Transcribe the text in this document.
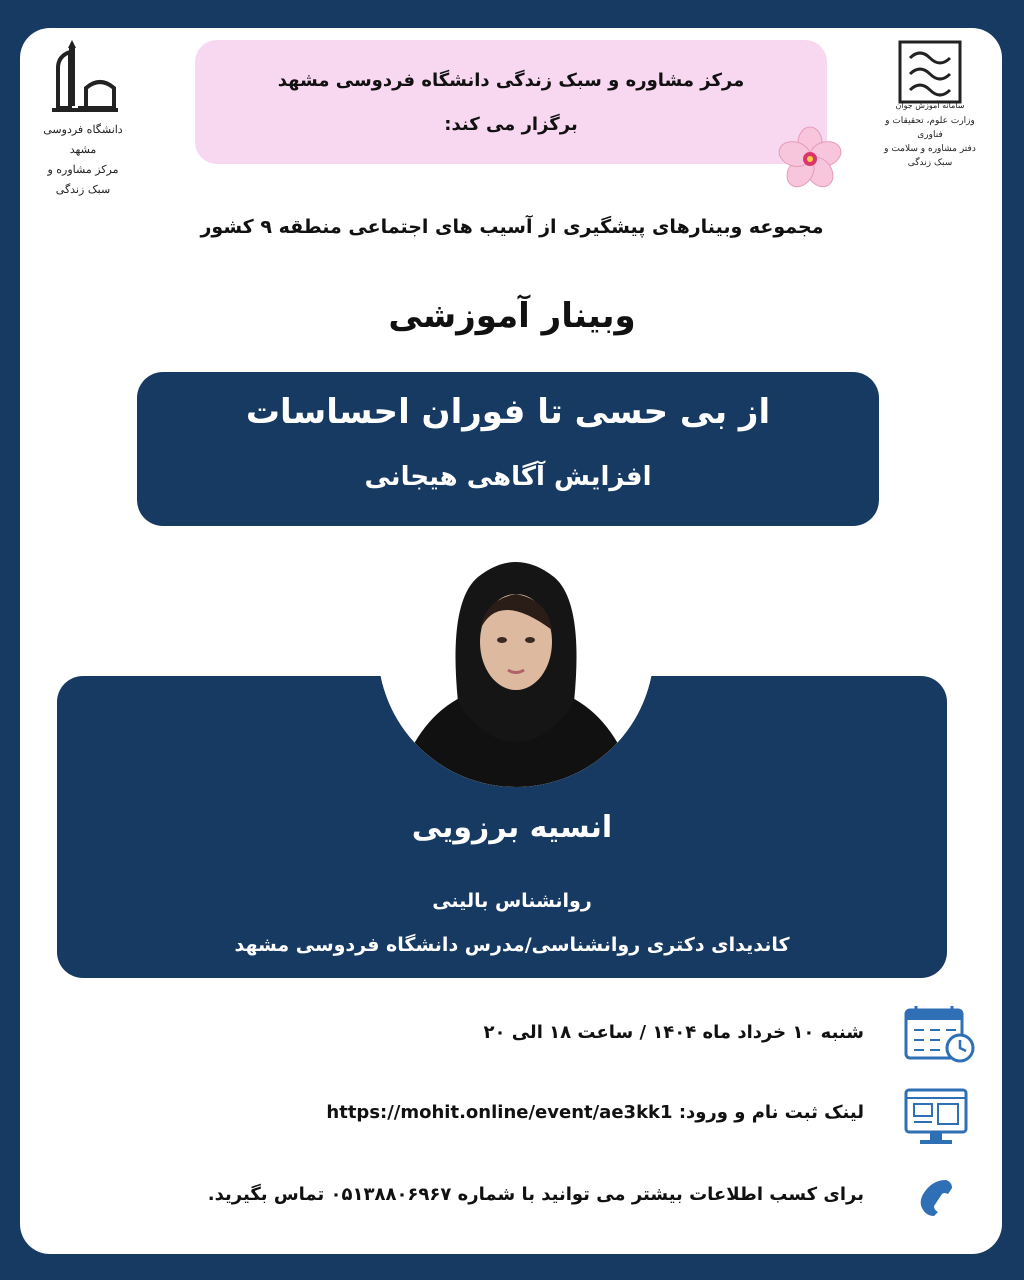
دانشگاه فردوسی مشهد
مرکز مشاوره و سبک زندگی
سامانه آموزش جوان
وزارت علوم، تحقیقات و فناوری
دفتر مشاوره و سلامت و سبک زندگی
مرکز مشاوره و سبک زندگی دانشگاه فردوسی مشهد
برگزار می کند:
مجموعه وبینارهای پیشگیری از آسیب های اجتماعی منطقه ۹ کشور
وبینار آموزشی
از بی حسی تا فوران احساسات
افزایش آگاهی هیجانی
انسیه برزویی
روانشناس بالینی
کاندیدای دکتری روانشناسی/مدرس دانشگاه فردوسی مشهد
شنبه ۱۰ خرداد ماه ۱۴۰۴ / ساعت ۱۸ الی ۲۰
لینک ثبت نام و ورود: https://mohit.online/event/ae3kk1
برای کسب اطلاعات بیشتر می توانید با شماره ۰۵۱۳۸۸۰۶۹۶۷ تماس بگیرید.
